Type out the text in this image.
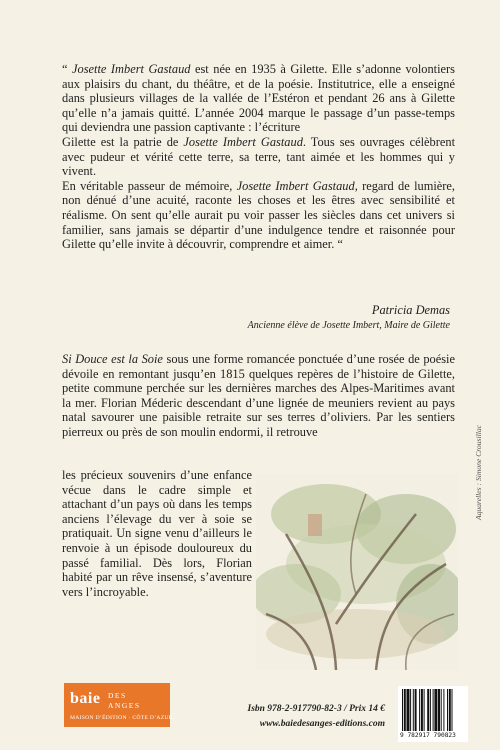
“ Josette Imbert Gastaud est née en 1935 à Gilette. Elle s’adonne volontiers aux plaisirs du chant, du théâtre, et de la poésie. Institutrice, elle a enseigné dans plusieurs villages de la vallée de l’Estéron et pendant 26 ans à Gilette qu’elle n’a jamais quitté. L’année 2004 marque le passage d’un passe-temps qui deviendra une passion captivante : l’écriture
Gilette est la patrie de Josette Imbert Gastaud. Tous ses ouvrages célèbrent avec pudeur et vérité cette terre, sa terre, tant aimée et les hommes qui y vivent.
En véritable passeur de mémoire, Josette Imbert Gastaud, regard de lumière, non dénué d’une acuité, raconte les choses et les êtres avec sensibilité et réalisme. On sent qu’elle aurait pu voir passer les siècles dans cet univers si familier, sans jamais se départir d’une indulgence tendre et raisonnée pour Gilette qu’elle invite à découvrir, comprendre et aimer. “

Patricia Demas

Ancienne élève de Josette Imbert, Maire de Gilette

Si Douce est la Soie sous une forme romancée ponctuée d’une rosée de poésie dévoile en remontant jusqu’en 1815 quelques repères de l’histoire de Gilette, petite commune perchée sur les dernières marches des Alpes-Maritimes avant la mer. Florian Méderic descendant d’une lignée de meuniers revient au pays natal savourer une paisible retraite sur ses terres d’oliviers. Par les sentiers pierreux ou près de son moulin endormi, il retrouve

les précieux souvenirs d’une enfance vécue dans le cadre simple et attachant d’un pays où dans les temps anciens l’élevage du ver à soie se pratiquait. Un signe venu d’ailleurs le renvoie à un épisode douloureux du passé familial. Dès lors, Florian habité par un rêve insensé, s’aventure vers l’incroyable.

Aquarelles : Simone Crousillac
baie DES
ANGES
MAISON D’ÉDITION · CÔTE D’AZUR

Isbn 978-2-917790-82-3 / Prix 14 €

www.baiedesanges-editions.com

9 782917 790823
